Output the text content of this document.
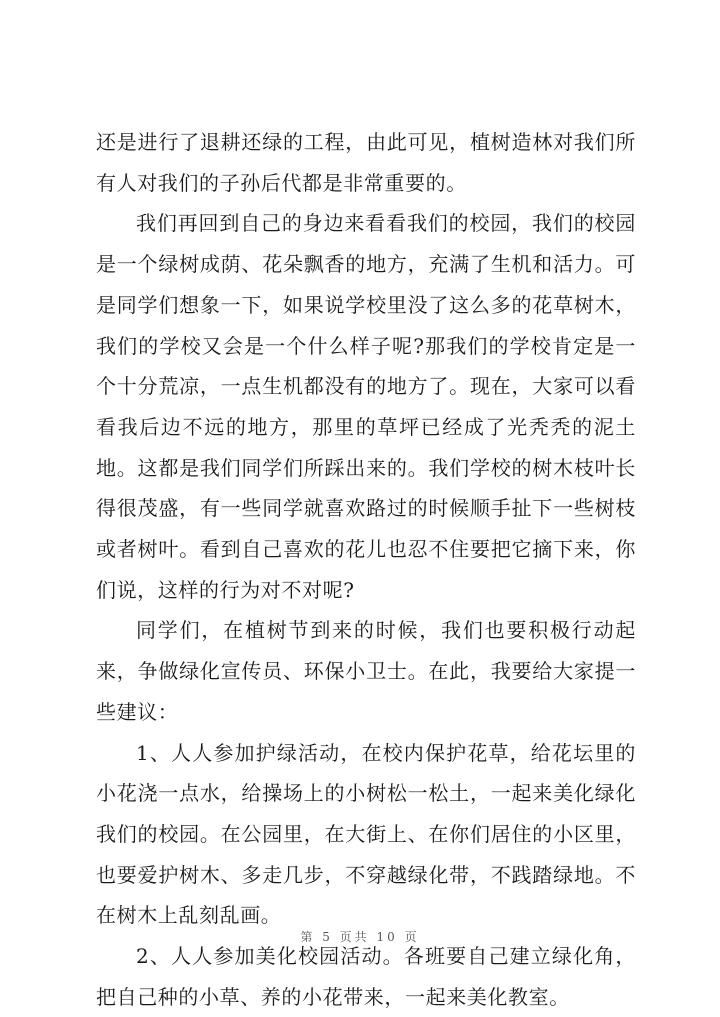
还是进行了退耕还绿的工程，由此可见，植树造林对我们所有人对我们的子孙后代都是非常重要的。

我们再回到自己的身边来看看我们的校园，我们的校园是一个绿树成荫、花朵飘香的地方，充满了生机和活力。可是同学们想象一下，如果说学校里没了这么多的花草树木，我们的学校又会是一个什么样子呢?那我们的学校肯定是一个十分荒凉，一点生机都没有的地方了。现在，大家可以看看我后边不远的地方，那里的草坪已经成了光秃秃的泥土地。这都是我们同学们所踩出来的。我们学校的树木枝叶长得很茂盛，有一些同学就喜欢路过的时候顺手扯下一些树枝或者树叶。看到自己喜欢的花儿也忍不住要把它摘下来，你们说，这样的行为对不对呢?

同学们，在植树节到来的时候，我们也要积极行动起来，争做绿化宣传员、环保小卫士。在此，我要给大家提一些建议：

1、人人参加护绿活动，在校内保护花草，给花坛里的小花浇一点水，给操场上的小树松一松土，一起来美化绿化我们的校园。在公园里，在大街上、在你们居住的小区里，也要爱护树木、多走几步，不穿越绿化带，不践踏绿地。不在树木上乱刻乱画。

2、人人参加美化校园活动。各班要自己建立绿化角，把自己种的小草、养的小花带来，一起来美化教室。

第 5 页共 10 页
